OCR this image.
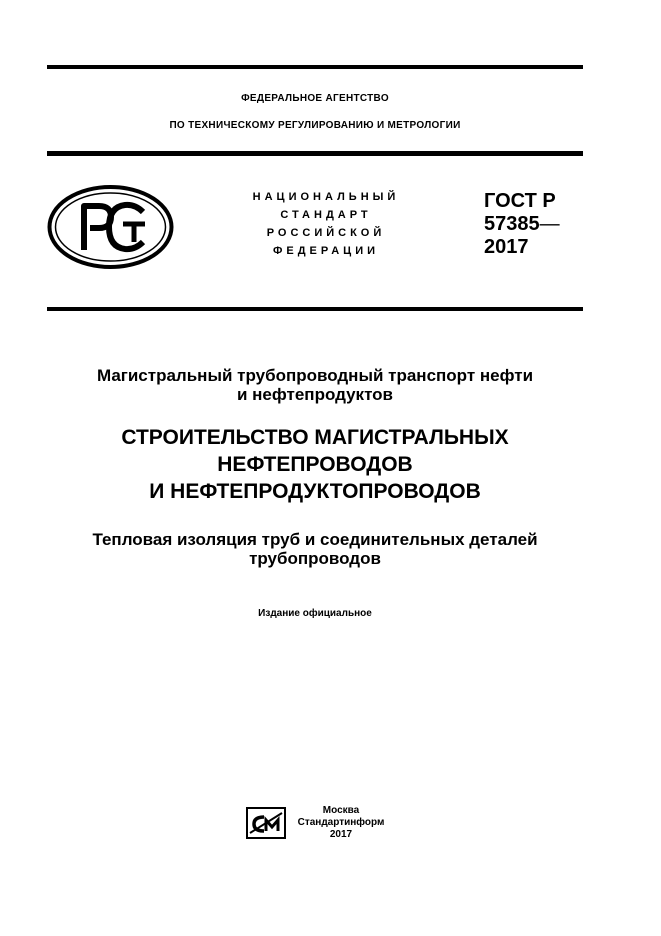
ФЕДЕРАЛЬНОЕ АГЕНТСТВО
ПО ТЕХНИЧЕСКОМУ РЕГУЛИРОВАНИЮ И МЕТРОЛОГИИ
НАЦИОНАЛЬНЫЙ
СТАНДАРТ
РОССИЙСКОЙ
ФЕДЕРАЦИИ
ГОСТ Р
57385—
2017
Магистральный трубопроводный транспорт нефти
и нефтепродуктов
СТРОИТЕЛЬСТВО МАГИСТРАЛЬНЫХ
НЕФТЕПРОВОДОВ
И НЕФТЕПРОДУКТОПРОВОДОВ
Тепловая изоляция труб и соединительных деталей
трубопроводов
Издание официальное
Москва
Стандартинформ
2017
